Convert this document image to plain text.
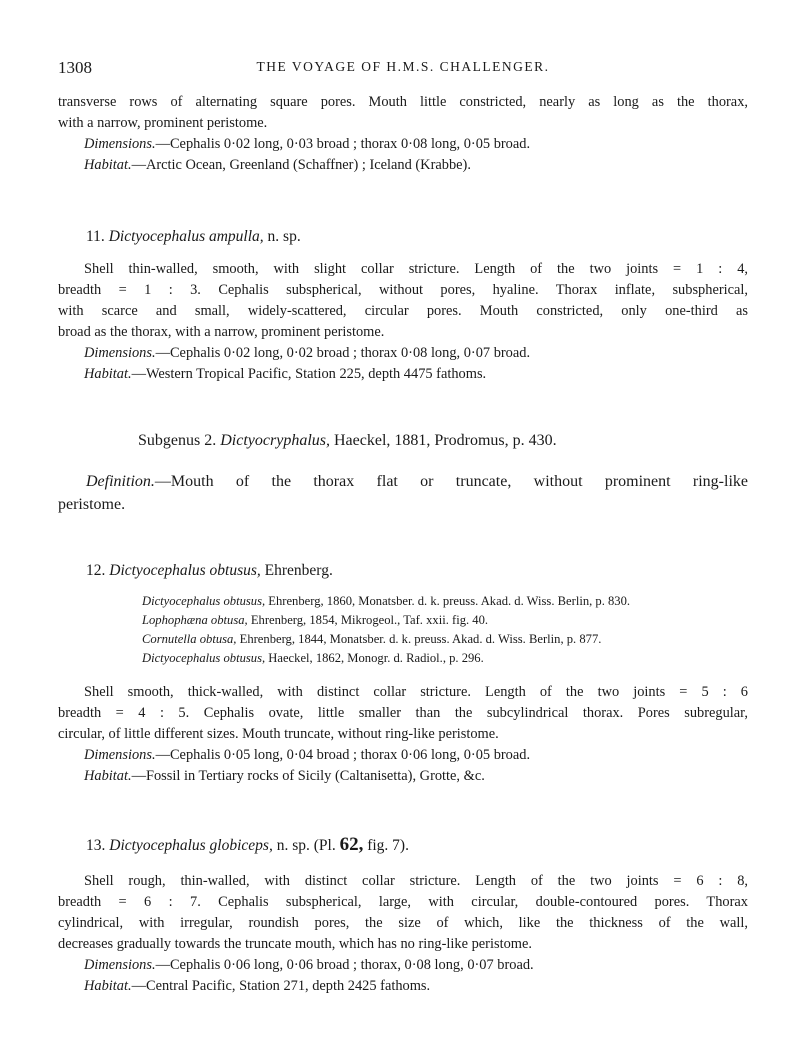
1308	THE VOYAGE OF H.M.S. CHALLENGER.
transverse rows of alternating square pores. Mouth little constricted, nearly as long as the thorax,
with a narrow, prominent peristome.
Dimensions.—Cephalis 0·02 long, 0·03 broad ; thorax 0·08 long, 0·05 broad.
Habitat.—Arctic Ocean, Greenland (Schaffner) ; Iceland (Krabbe).
11. Dictyocephalus ampulla, n. sp.
Shell thin-walled, smooth, with slight collar stricture. Length of the two joints = 1 : 4,
breadth = 1 : 3. Cephalis subspherical, without pores, hyaline. Thorax inflate, subspherical,
with scarce and small, widely-scattered, circular pores. Mouth constricted, only one-third as
broad as the thorax, with a narrow, prominent peristome.
Dimensions.—Cephalis 0·02 long, 0·02 broad ; thorax 0·08 long, 0·07 broad.
Habitat.—Western Tropical Pacific, Station 225, depth 4475 fathoms.
Subgenus 2. Dictyocryphalus, Haeckel, 1881, Prodromus, p. 430.
Definition.—Mouth of the thorax flat or truncate, without prominent ring-like
peristome.
12. Dictyocephalus obtusus, Ehrenberg.
Dictyocephalus obtusus, Ehrenberg, 1860, Monatsber. d. k. preuss. Akad. d. Wiss. Berlin, p. 830.
Lophophæna obtusa, Ehrenberg, 1854, Mikrogeol., Taf. xxii. fig. 40.
Cornutella obtusa, Ehrenberg, 1844, Monatsber. d. k. preuss. Akad. d. Wiss. Berlin, p. 877.
Dictyocephalus obtusus, Haeckel, 1862, Monogr. d. Radiol., p. 296.
Shell smooth, thick-walled, with distinct collar stricture. Length of the two joints = 5 : 6
breadth = 4 : 5. Cephalis ovate, little smaller than the subcylindrical thorax. Pores subregular,
circular, of little different sizes. Mouth truncate, without ring-like peristome.
Dimensions.—Cephalis 0·05 long, 0·04 broad ; thorax 0·06 long, 0·05 broad.
Habitat.—Fossil in Tertiary rocks of Sicily (Caltanisetta), Grotte, &c.
13. Dictyocephalus globiceps, n. sp. (Pl. 62, fig. 7).
Shell rough, thin-walled, with distinct collar stricture. Length of the two joints = 6 : 8,
breadth = 6 : 7. Cephalis subspherical, large, with circular, double-contoured pores. Thorax
cylindrical, with irregular, roundish pores, the size of which, like the thickness of the wall,
decreases gradually towards the truncate mouth, which has no ring-like peristome.
Dimensions.—Cephalis 0·06 long, 0·06 broad ; thorax, 0·08 long, 0·07 broad.
Habitat.—Central Pacific, Station 271, depth 2425 fathoms.
